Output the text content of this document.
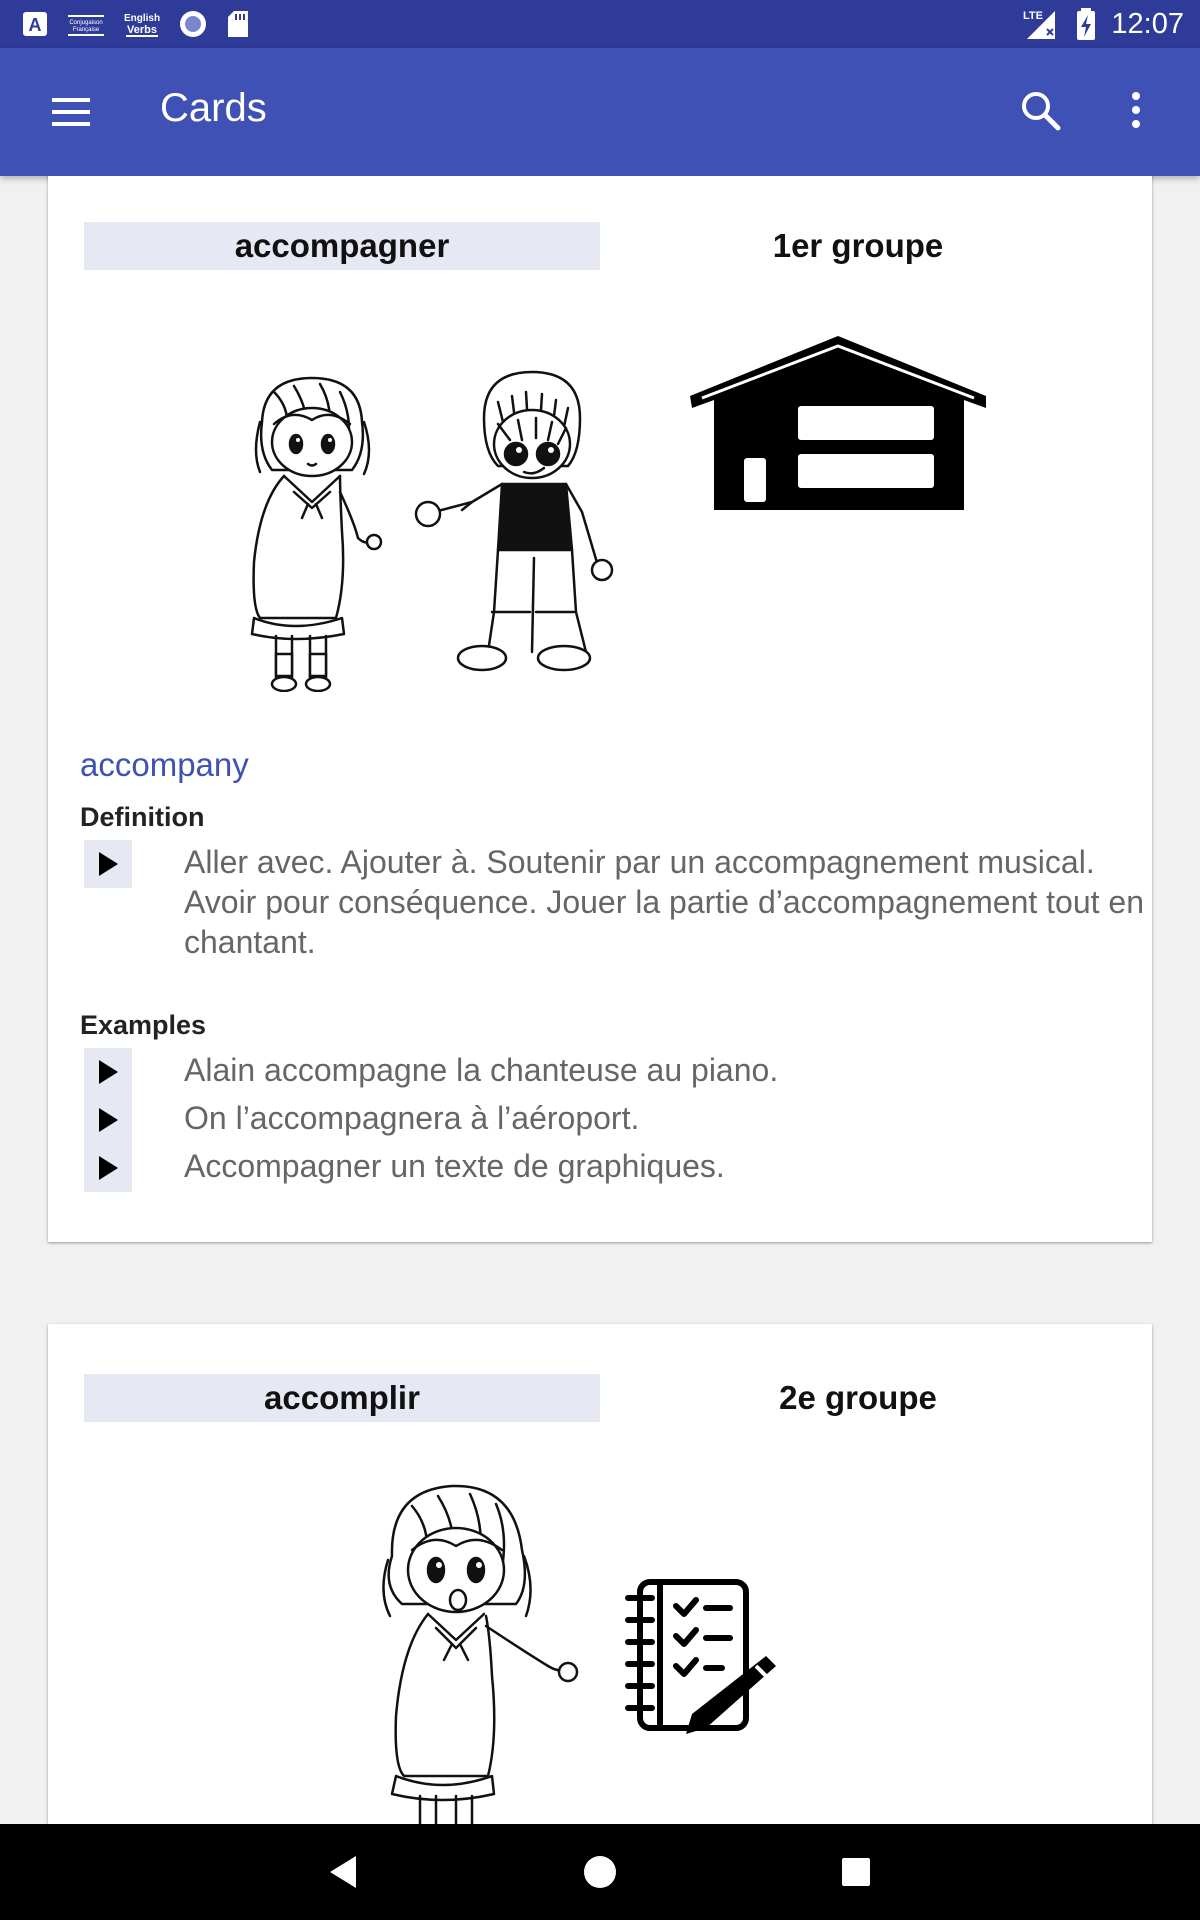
A	Conjugaison
Française
English
Verbs
LTE 12:07
Cards
accompagner	1er groupe
accompany
Definition

Aller avec. Ajouter à. Soutenir par un accompagnement musical. Avoir pour conséquence. Jouer la partie d’accompagnement tout en chantant.

Examples

Alain accompagne la chanteuse au piano.

On l’accompagnera à l’aéroport.

Accompagner un texte de graphiques.

accomplir	2e groupe
